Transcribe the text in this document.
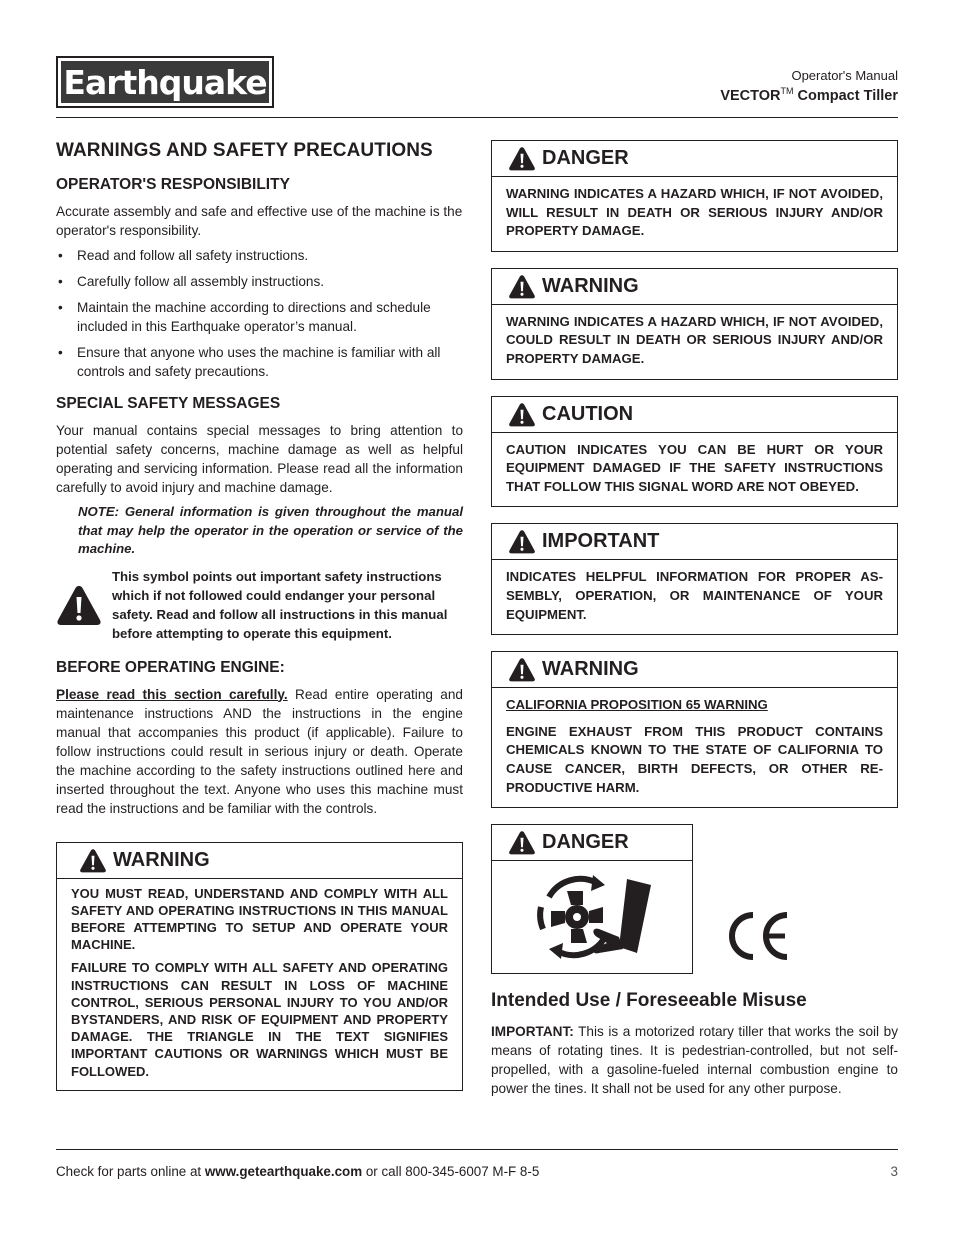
Earthquake	Operator's Manual
VECTOR™ Compact Tiller
WARNINGS AND SAFETY PRECAUTIONS
OPERATOR'S RESPONSIBILITY

Accurate assembly and safe and effective use of the machine is the operator's responsibility.

• Read and follow all safety instructions.
• Carefully follow all assembly instructions.
• Maintain the machine according to directions and schedule included in this Earthquake operator’s manual.
• Ensure that anyone who uses the machine is familiar with all controls and safety precautions.
SPECIAL SAFETY MESSAGES

Your manual contains special messages to bring attention to potential safety concerns, machine damage as well as helpful operating and servicing information. Please read all the information carefully to avoid injury and machine damage.

NOTE: General information is given throughout the manual that may help the operator in the operation or service of the machine.

This symbol points out important safety instructions which if not followed could endanger your personal safety. Read and follow all instructions in this manual before attempting to operate this equipment.
BEFORE OPERATING ENGINE:

Please read this section carefully. Read entire operating and maintenance instructions AND the instructions in the engine manual that accompanies this product (if applicable). Failure to follow instructions could result in serious injury or death. Operate the machine according to the safety instructions outlined here and inserted throughout the text. Anyone who uses this machine must read the instructions and be familiar with the controls.

WARNING

YOU MUST READ, UNDERSTAND AND COMPLY WITH ALL SAFETY AND OPERATING INSTRUCTIONS IN THIS MANUAL BEFORE ATTEMPTING TO SETUP AND OPERATE YOUR MACHINE.

FAILURE TO COMPLY WITH ALL SAFETY AND OPERATING INSTRUCTIONS CAN RESULT IN LOSS OF MACHINE CONTROL, SERIOUS PERSONAL INJURY TO YOU AND/OR BYSTANDERS, AND RISK OF EQUIPMENT AND PROPERTY DAMAGE. THE TRIANGLE IN THE TEXT SIGNIFIES IMPORTANT CAUTIONS OR WARNINGS WHICH MUST BE FOLLOWED.

DANGER
WARNING INDICATES A HAZARD WHICH, IF NOT AVOIDED, WILL RESULT IN DEATH OR SERIOUS INJURY AND/OR PROPERTY DAMAGE.
WARNING
WARNING INDICATES A HAZARD WHICH, IF NOT AVOIDED, COULD RESULT IN DEATH OR SERIOUS INJURY AND/OR PROPERTY DAMAGE.
CAUTION
CAUTION INDICATES YOU CAN BE HURT OR YOUR EQUIPMENT DAMAGED IF THE SAFETY INSTRUCTIONS THAT FOLLOW THIS SIGNAL WORD ARE NOT OBEYED.
IMPORTANT
INDICATES HELPFUL INFORMATION FOR PROPER ASSEMBLY, OPERATION, OR MAINTENANCE OF YOUR EQUIPMENT.
WARNING

CALIFORNIA PROPOSITION 65 WARNING

ENGINE EXHAUST FROM THIS PRODUCT CONTAINS CHEMICALS KNOWN TO THE STATE OF CALIFORNIA TO CAUSE CANCER, BIRTH DEFECTS, OR OTHER REPRODUCTIVE HARM.

DANGER
Intended Use / Foreseeable Misuse

IMPORTANT: This is a motorized rotary tiller that works the soil by means of rotating tines. It is pedestrian-controlled, but not self-propelled, with a gasoline-fueled internal combustion engine to power the tines. It shall not be used for any other purpose.

Check for parts online at www.getearthquake.com or call 800-345-6007 M-F 8-5	3
